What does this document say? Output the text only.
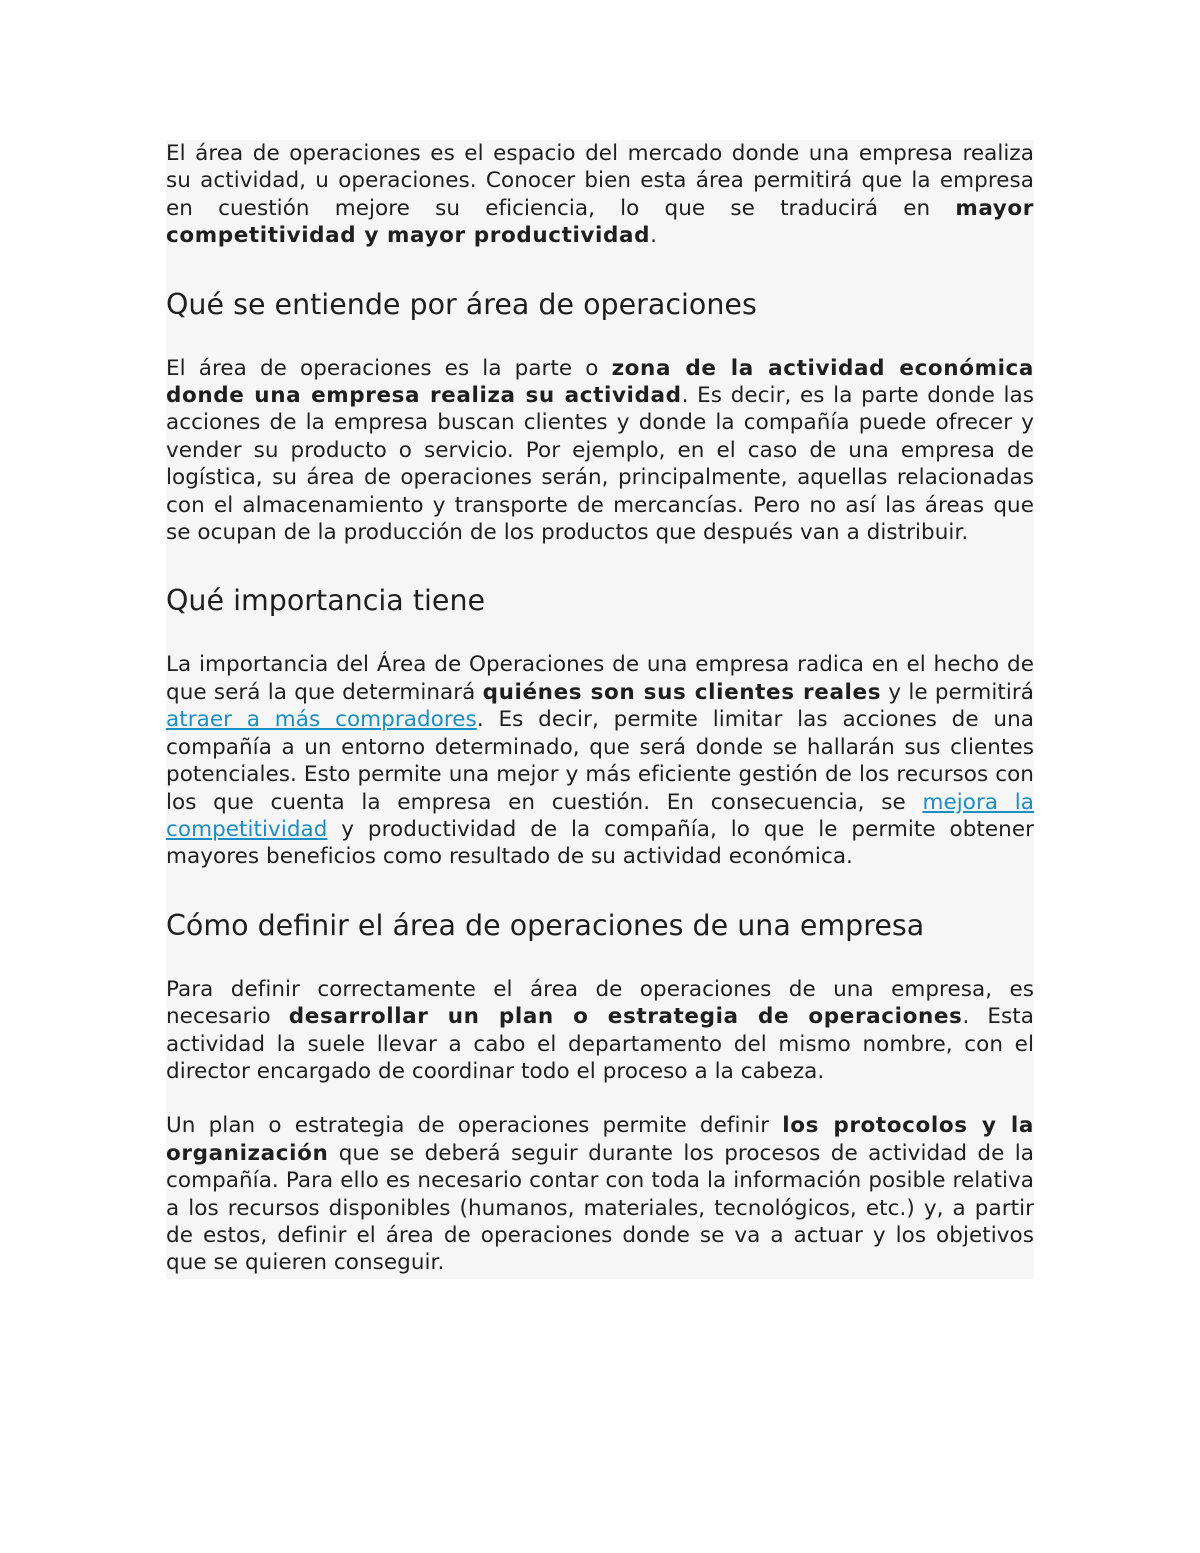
El área de operaciones es el espacio del mercado donde una empresa realiza su actividad, u operaciones. Conocer bien esta área permitirá que la empresa en cuestión mejore su eficiencia, lo que se traducirá en mayor competitividad y mayor productividad.

Qué se entiende por área de operaciones

El área de operaciones es la parte o zona de la actividad económica donde una empresa realiza su actividad. Es decir, es la parte donde las acciones de la empresa buscan clientes y donde la compañía puede ofrecer y vender su producto o servicio. Por ejemplo, en el caso de una empresa de logística, su área de operaciones serán, principalmente, aquellas relacionadas con el almacenamiento y transporte de mercancías. Pero no así las áreas que se ocupan de la producción de los productos que después van a distribuir.

Qué importancia tiene

La importancia del Área de Operaciones de una empresa radica en el hecho de que será la que determinará quiénes son sus clientes reales y le permitirá atraer a más compradores. Es decir, permite limitar las acciones de una compañía a un entorno determinado, que será donde se hallarán sus clientes potenciales. Esto permite una mejor y más eficiente gestión de los recursos con los que cuenta la empresa en cuestión. En consecuencia, se mejora la competitividad y productividad de la compañía, lo que le permite obtener mayores beneficios como resultado de su actividad económica.

Cómo definir el área de operaciones de una empresa

Para definir correctamente el área de operaciones de una empresa, es necesario desarrollar un plan o estrategia de operaciones. Esta actividad la suele llevar a cabo el departamento del mismo nombre, con el director encargado de coordinar todo el proceso a la cabeza.

Un plan o estrategia de operaciones permite definir los protocolos y la organización que se deberá seguir durante los procesos de actividad de la compañía. Para ello es necesario contar con toda la información posible relativa a los recursos disponibles (humanos, materiales, tecnológicos, etc.) y, a partir de estos, definir el área de operaciones donde se va a actuar y los objetivos que se quieren conseguir.
